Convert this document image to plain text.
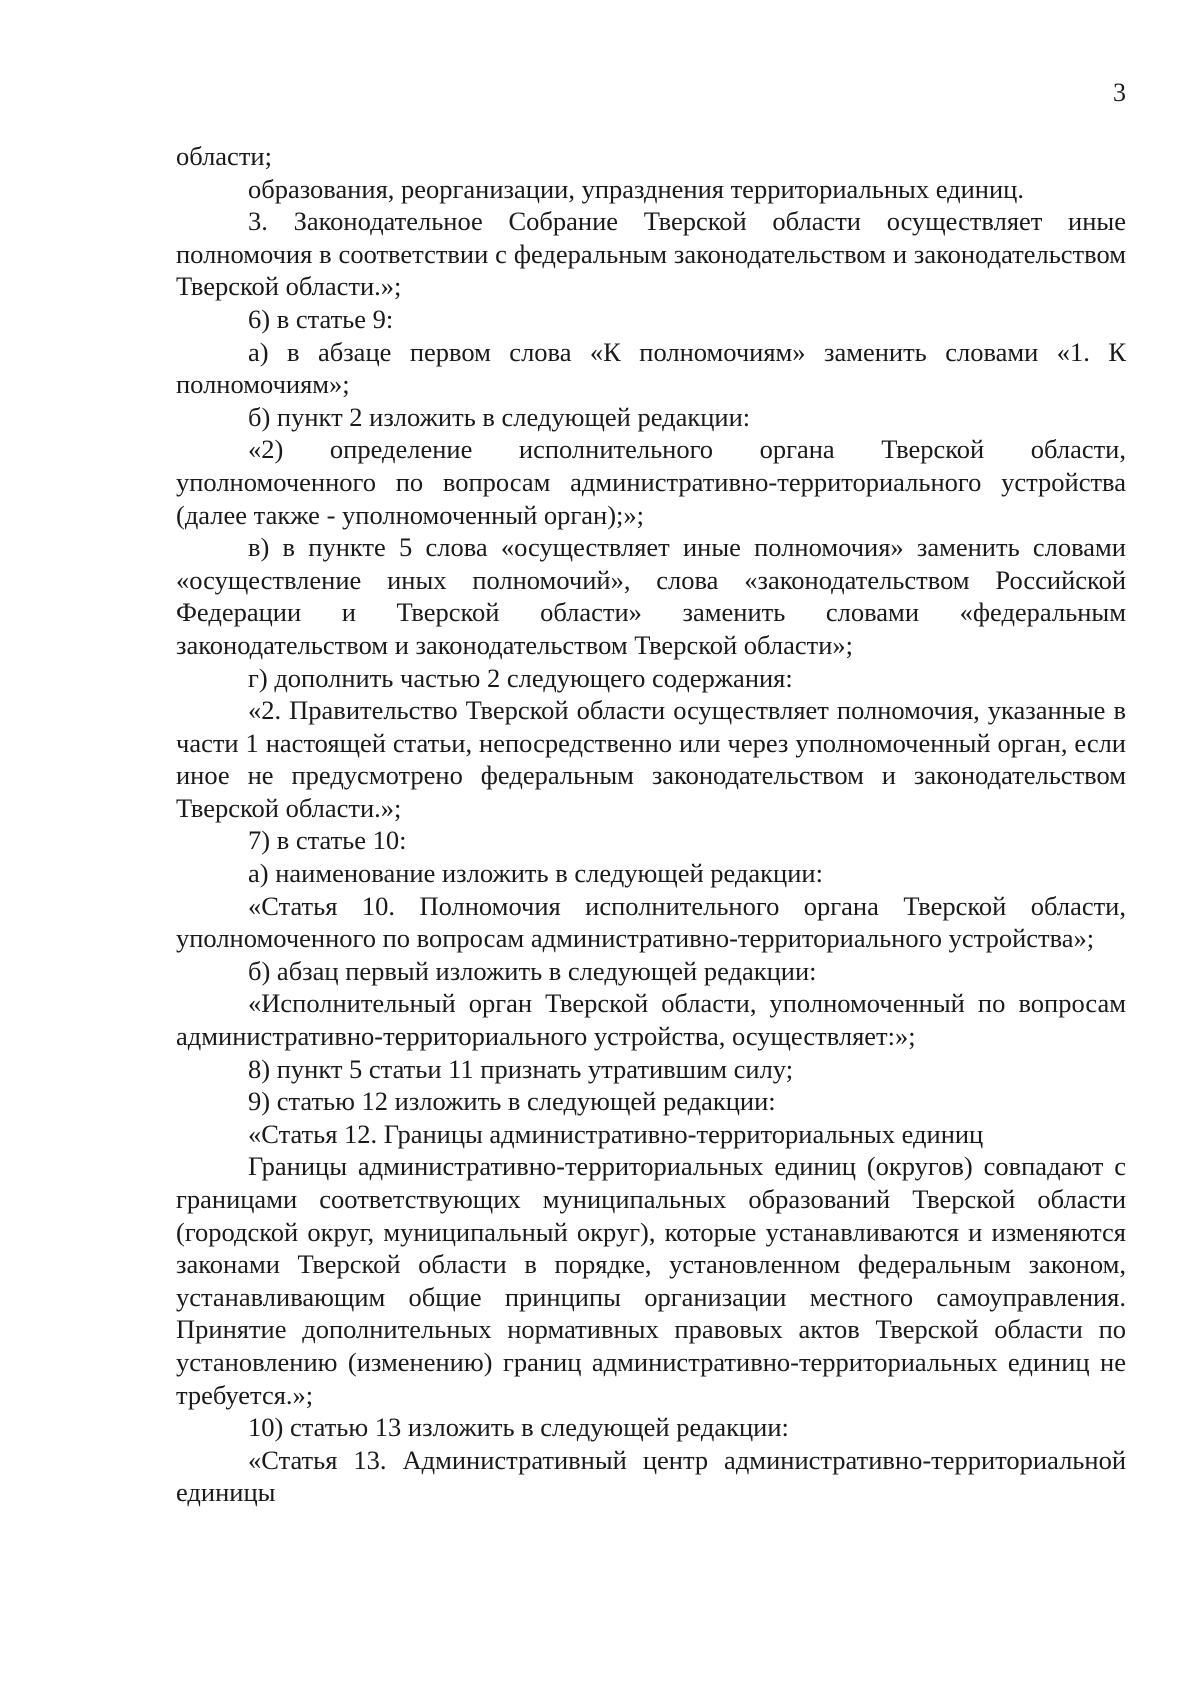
3

области;

образования, реорганизации, упразднения территориальных единиц.

3. Законодательное Собрание Тверской области осуществляет иные полномочия в соответствии с федеральным законодательством и законодательством Тверской области.»;

6) в статье 9:

а) в абзаце первом слова «К полномочиям» заменить словами «1. К полномочиям»;

б) пункт 2 изложить в следующей редакции:

«2) определение исполнительного органа Тверской области, уполномоченного по вопросам административно-территориального устройства (далее также - уполномоченный орган);»;

в) в пункте 5 слова «осуществляет иные полномочия» заменить словами «осуществление иных полномочий», слова «законодательством Российской Федерации и Тверской области» заменить словами «федеральным законодательством и законодательством Тверской области»;

г) дополнить частью 2 следующего содержания:

«2. Правительство Тверской области осуществляет полномочия, указанные в части 1 настоящей статьи, непосредственно или через уполномоченный орган, если иное не предусмотрено федеральным законодательством и законодательством Тверской области.»;

7) в статье 10:

а) наименование изложить в следующей редакции:

«Статья 10. Полномочия исполнительного органа Тверской области, уполномоченного по вопросам административно-территориального устройства»;

б) абзац первый изложить в следующей редакции:

«Исполнительный орган Тверской области, уполномоченный по вопросам административно-территориального устройства, осуществляет:»;

8) пункт 5 статьи 11 признать утратившим силу;

9) статью 12 изложить в следующей редакции:

«Статья 12. Границы административно-территориальных единиц

Границы административно-территориальных единиц (округов) совпадают с границами соответствующих муниципальных образований Тверской области (городской округ, муниципальный округ), которые устанавливаются и изменяются законами Тверской области в порядке, установленном федеральным законом, устанавливающим общие принципы организации местного самоуправления. Принятие дополнительных нормативных правовых актов Тверской области по установлению (изменению) границ административно-территориальных единиц не требуется.»;

10) статью 13 изложить в следующей редакции:

«Статья 13. Административный центр административно-территориальной единицы
